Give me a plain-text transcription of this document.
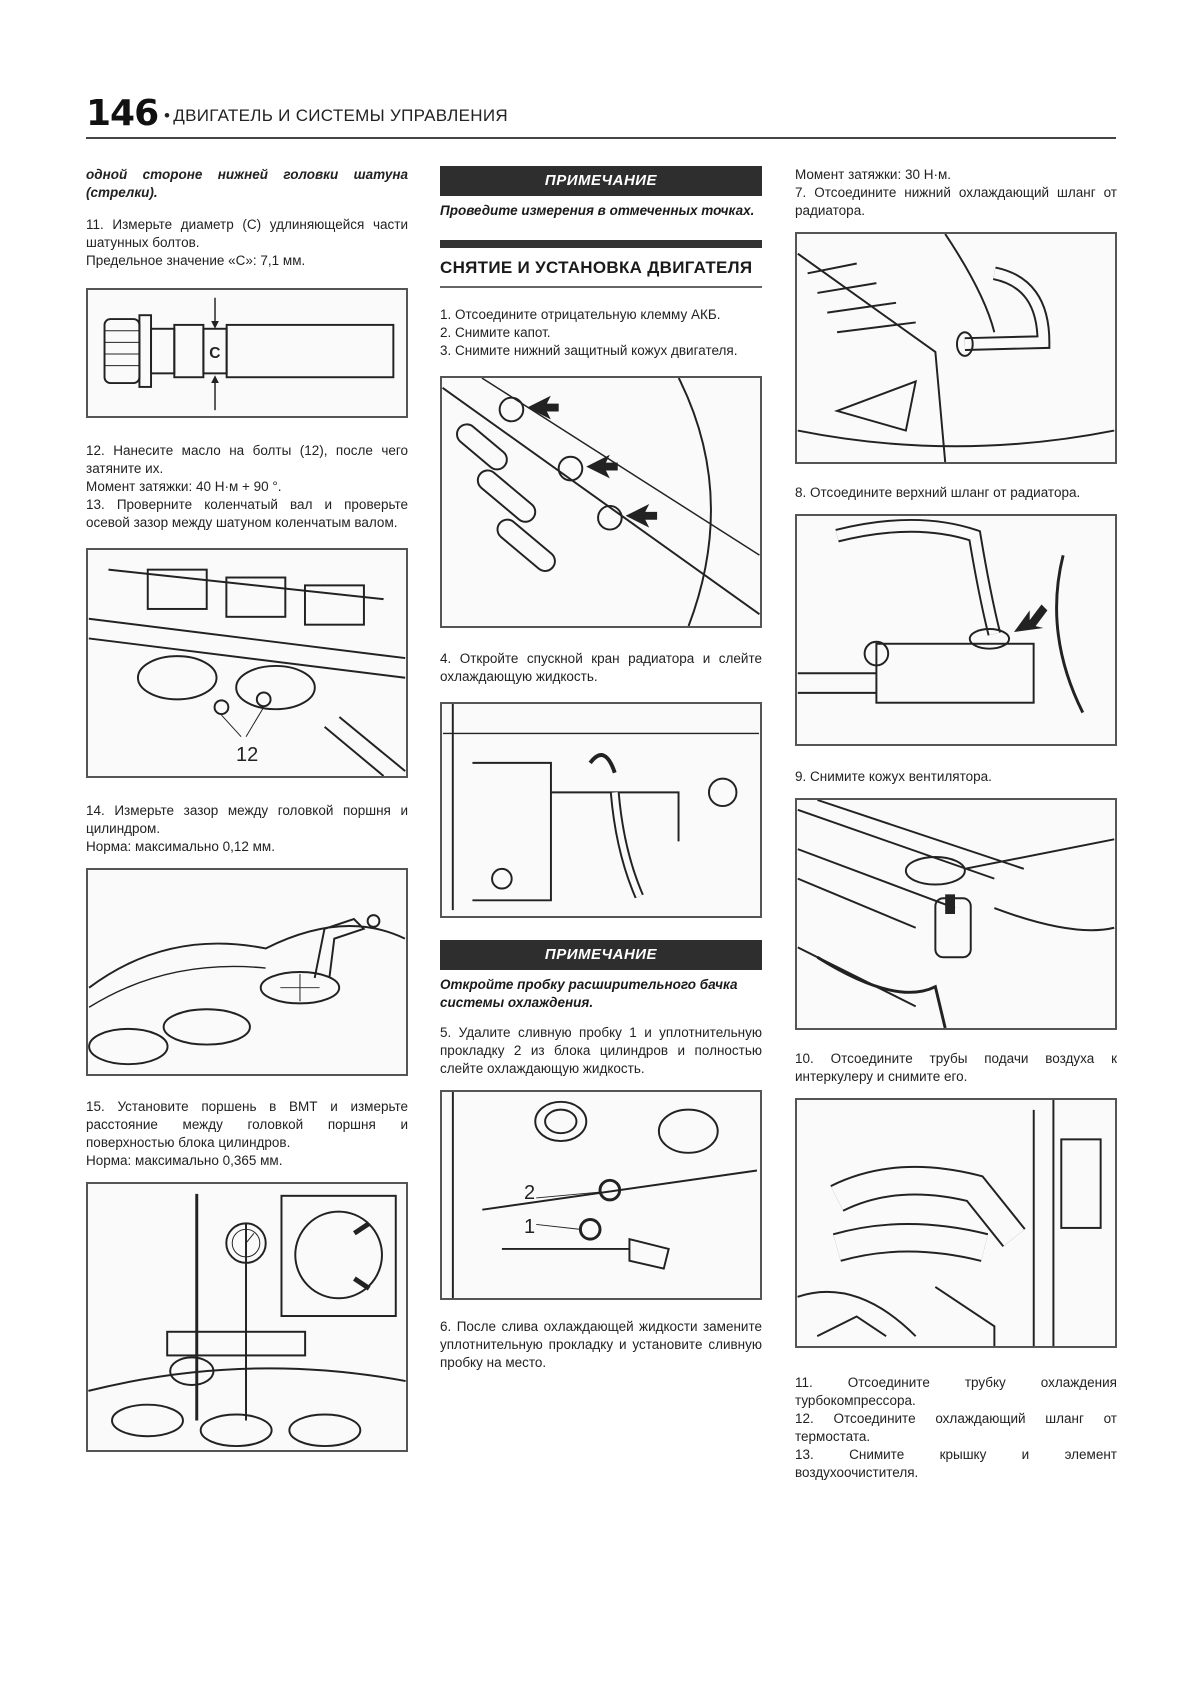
146 • ДВИГАТЕЛЬ И СИСТЕМЫ УПРАВЛЕНИЯ

одной стороне нижней головки шатуна (стрелки).

11. Измерьте диаметр (С) удлиняющейся части шатунных болтов.

Предельное значение «С»: 7,1 мм.

C

12. Нанесите масло на болты (12), после чего затяните их.

Момент затяжки: 40 Н·м + 90 °.

13. Проверните коленчатый вал и проверьте осевой зазор между шатуном коленчатым валом.

12

14. Измерьте зазор между головкой поршня и цилиндром.

Норма: максимально 0,12 мм.

15. Установите поршень в ВМТ и измерьте расстояние между головкой поршня и поверхностью блока цилиндров.

Норма: максимально 0,365 мм.

ПРИМЕЧАНИЕ
Проведите измерения в отмеченных точках.
СНЯТИЕ И УСТАНОВКА ДВИГАТЕЛЯ

1. Отсоедините отрицательную клемму АКБ.

2. Снимите капот.

3. Снимите нижний защитный кожух двигателя.

4. Откройте спускной кран радиатора и слейте охлаждающую жидкость.

ПРИМЕЧАНИЕ
Откройте пробку расширительного бачка системы охлаждения.

5. Удалите сливную пробку 1 и уплотнительную прокладку 2 из блока цилиндров и полностью слейте охлаждающую жидкость.

2
1

6. После слива охлаждающей жидкости замените уплотнительную прокладку и установите сливную пробку на место.

Момент затяжки: 30 Н·м.

7. Отсоедините нижний охлаждающий шланг от радиатора.

8. Отсоедините верхний шланг от радиатора.

9. Снимите кожух вентилятора.

10. Отсоедините трубы подачи воздуха к интеркулеру и снимите его.

11. Отсоедините трубку охлаждения турбокомпрессора.

12. Отсоедините охлаждающий шланг от термостата.

13. Снимите крышку и элемент воздухоочистителя.
